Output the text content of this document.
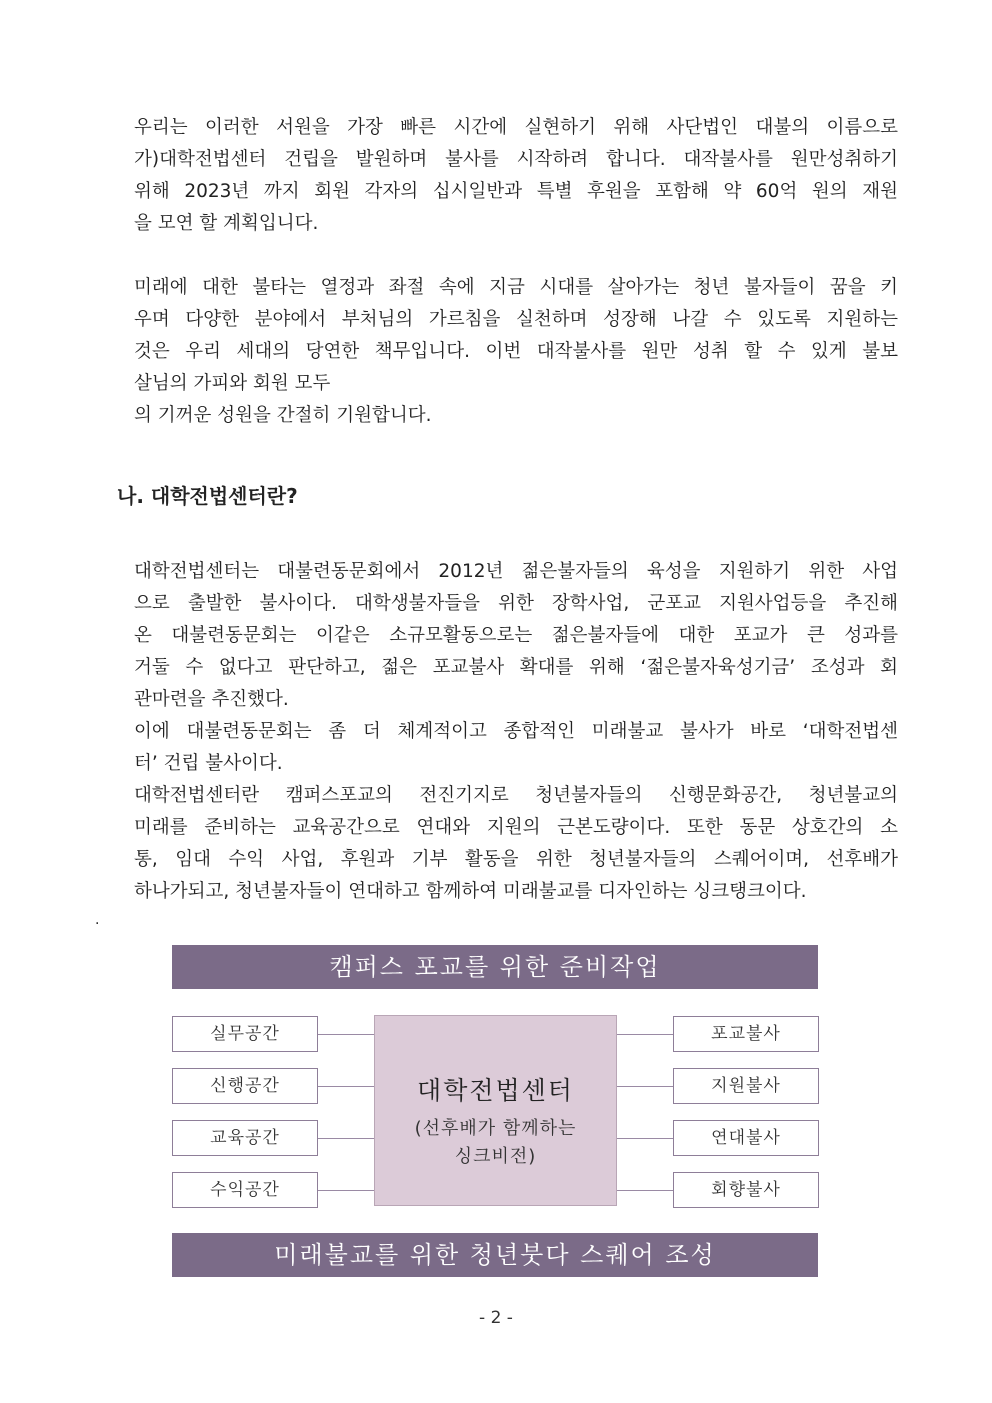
우리는 이러한 서원을 가장 빠른 시간에 실현하기 위해 사단법인 대불의 이름으로
가)대학전법센터 건립을 발원하며 불사를 시작하려 합니다. 대작불사를 원만성취하기
위해 2023년 까지 회원 각자의 십시일반과 특별 후원을 포함해 약 60억 원의 재원
을 모연 할 계획입니다.
미래에 대한 불타는 열정과 좌절 속에 지금 시대를 살아가는 청년 불자들이 꿈을 키
우며 다양한 분야에서 부처님의 가르침을 실천하며 성장해 나갈 수 있도록 지원하는
것은 우리 세대의 당연한 책무입니다. 이번 대작불사를 원만 성취 할 수 있게 불보
살님의 가피와 회원 모두
의 기꺼운 성원을 간절히 기원합니다.
나. 대학전법센터란?
대학전법센터는 대불련동문회에서 2012년 젊은불자들의 육성을 지원하기 위한 사업
으로 출발한 불사이다. 대학생불자들을 위한 장학사업, 군포교 지원사업등을 추진해
온 대불련동문회는 이같은 소규모활동으로는 젊은불자들에 대한 포교가 큰 성과를
거둘 수 없다고 판단하고, 젊은 포교불사 확대를 위해 ‘젊은불자육성기금’ 조성과 회
관마련을 추진했다.
이에 대불련동문회는 좀 더 체계적이고 종합적인 미래불교 불사가 바로 ‘대학전법센
터’ 건립 불사이다.
대학전법센터란 캠퍼스포교의 전진기지로 청년불자들의 신행문화공간, 청년불교의
미래를 준비하는 교육공간으로 연대와 지원의 근본도량이다. 또한 동문 상호간의 소
통, 임대 수익 사업, 후원과 기부 활동을 위한 청년불자들의 스퀘어이며, 선후배가
하나가되고, 청년불자들이 연대하고 함께하여 미래불교를 디자인하는 싱크탱크이다.
.
캠퍼스 포교를 위한 준비작업
실무공간
신행공간
교육공간
수익공간
대학전법센터
(선후배가 함께하는
싱크비전)
포교불사
지원불사
연대불사
회향불사
미래불교를 위한 청년붓다 스퀘어 조성
- 2 -
